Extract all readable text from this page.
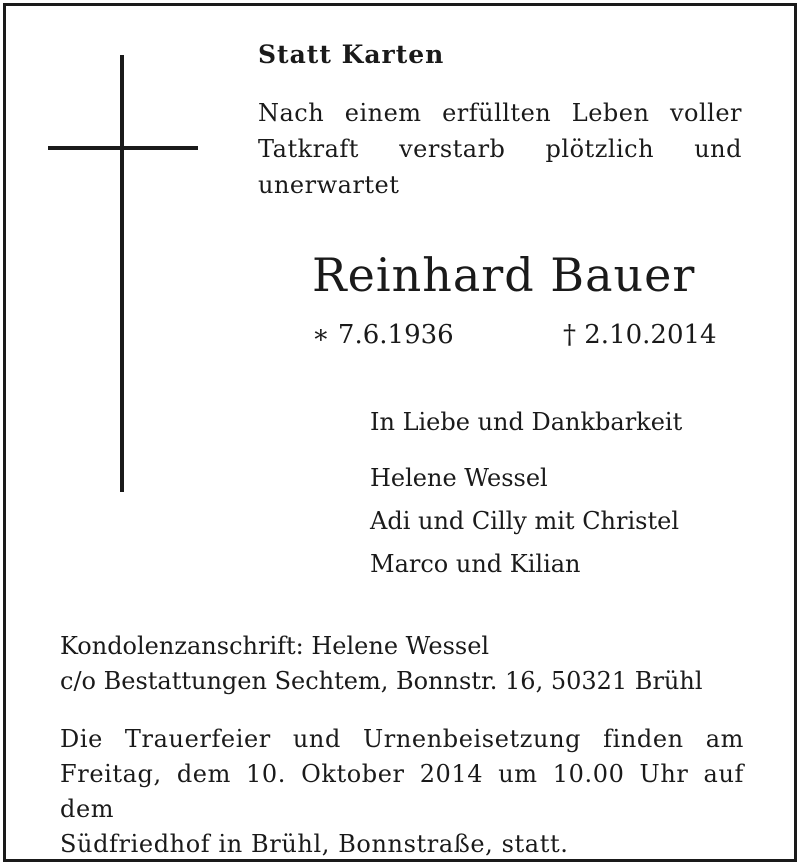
Statt Karten
Nach einem erfüllten Leben voller
Tatkraft verstarb plötzlich und
unerwartet
Reinhard Bauer
∗ 7.6.1936	† 2.10.2014
In Liebe und Dankbarkeit
Helene Wessel
Adi und Cilly mit Christel
Marco und Kilian
Kondolenzanschrift: Helene Wessel
c/o Bestattungen Sechtem, Bonnstr. 16, 50321 Brühl
Die Trauerfeier und Urnenbeisetzung finden am
Freitag, dem 10. Oktober 2014 um 10.00 Uhr auf dem
Südfriedhof in Brühl, Bonnstraße, statt.
